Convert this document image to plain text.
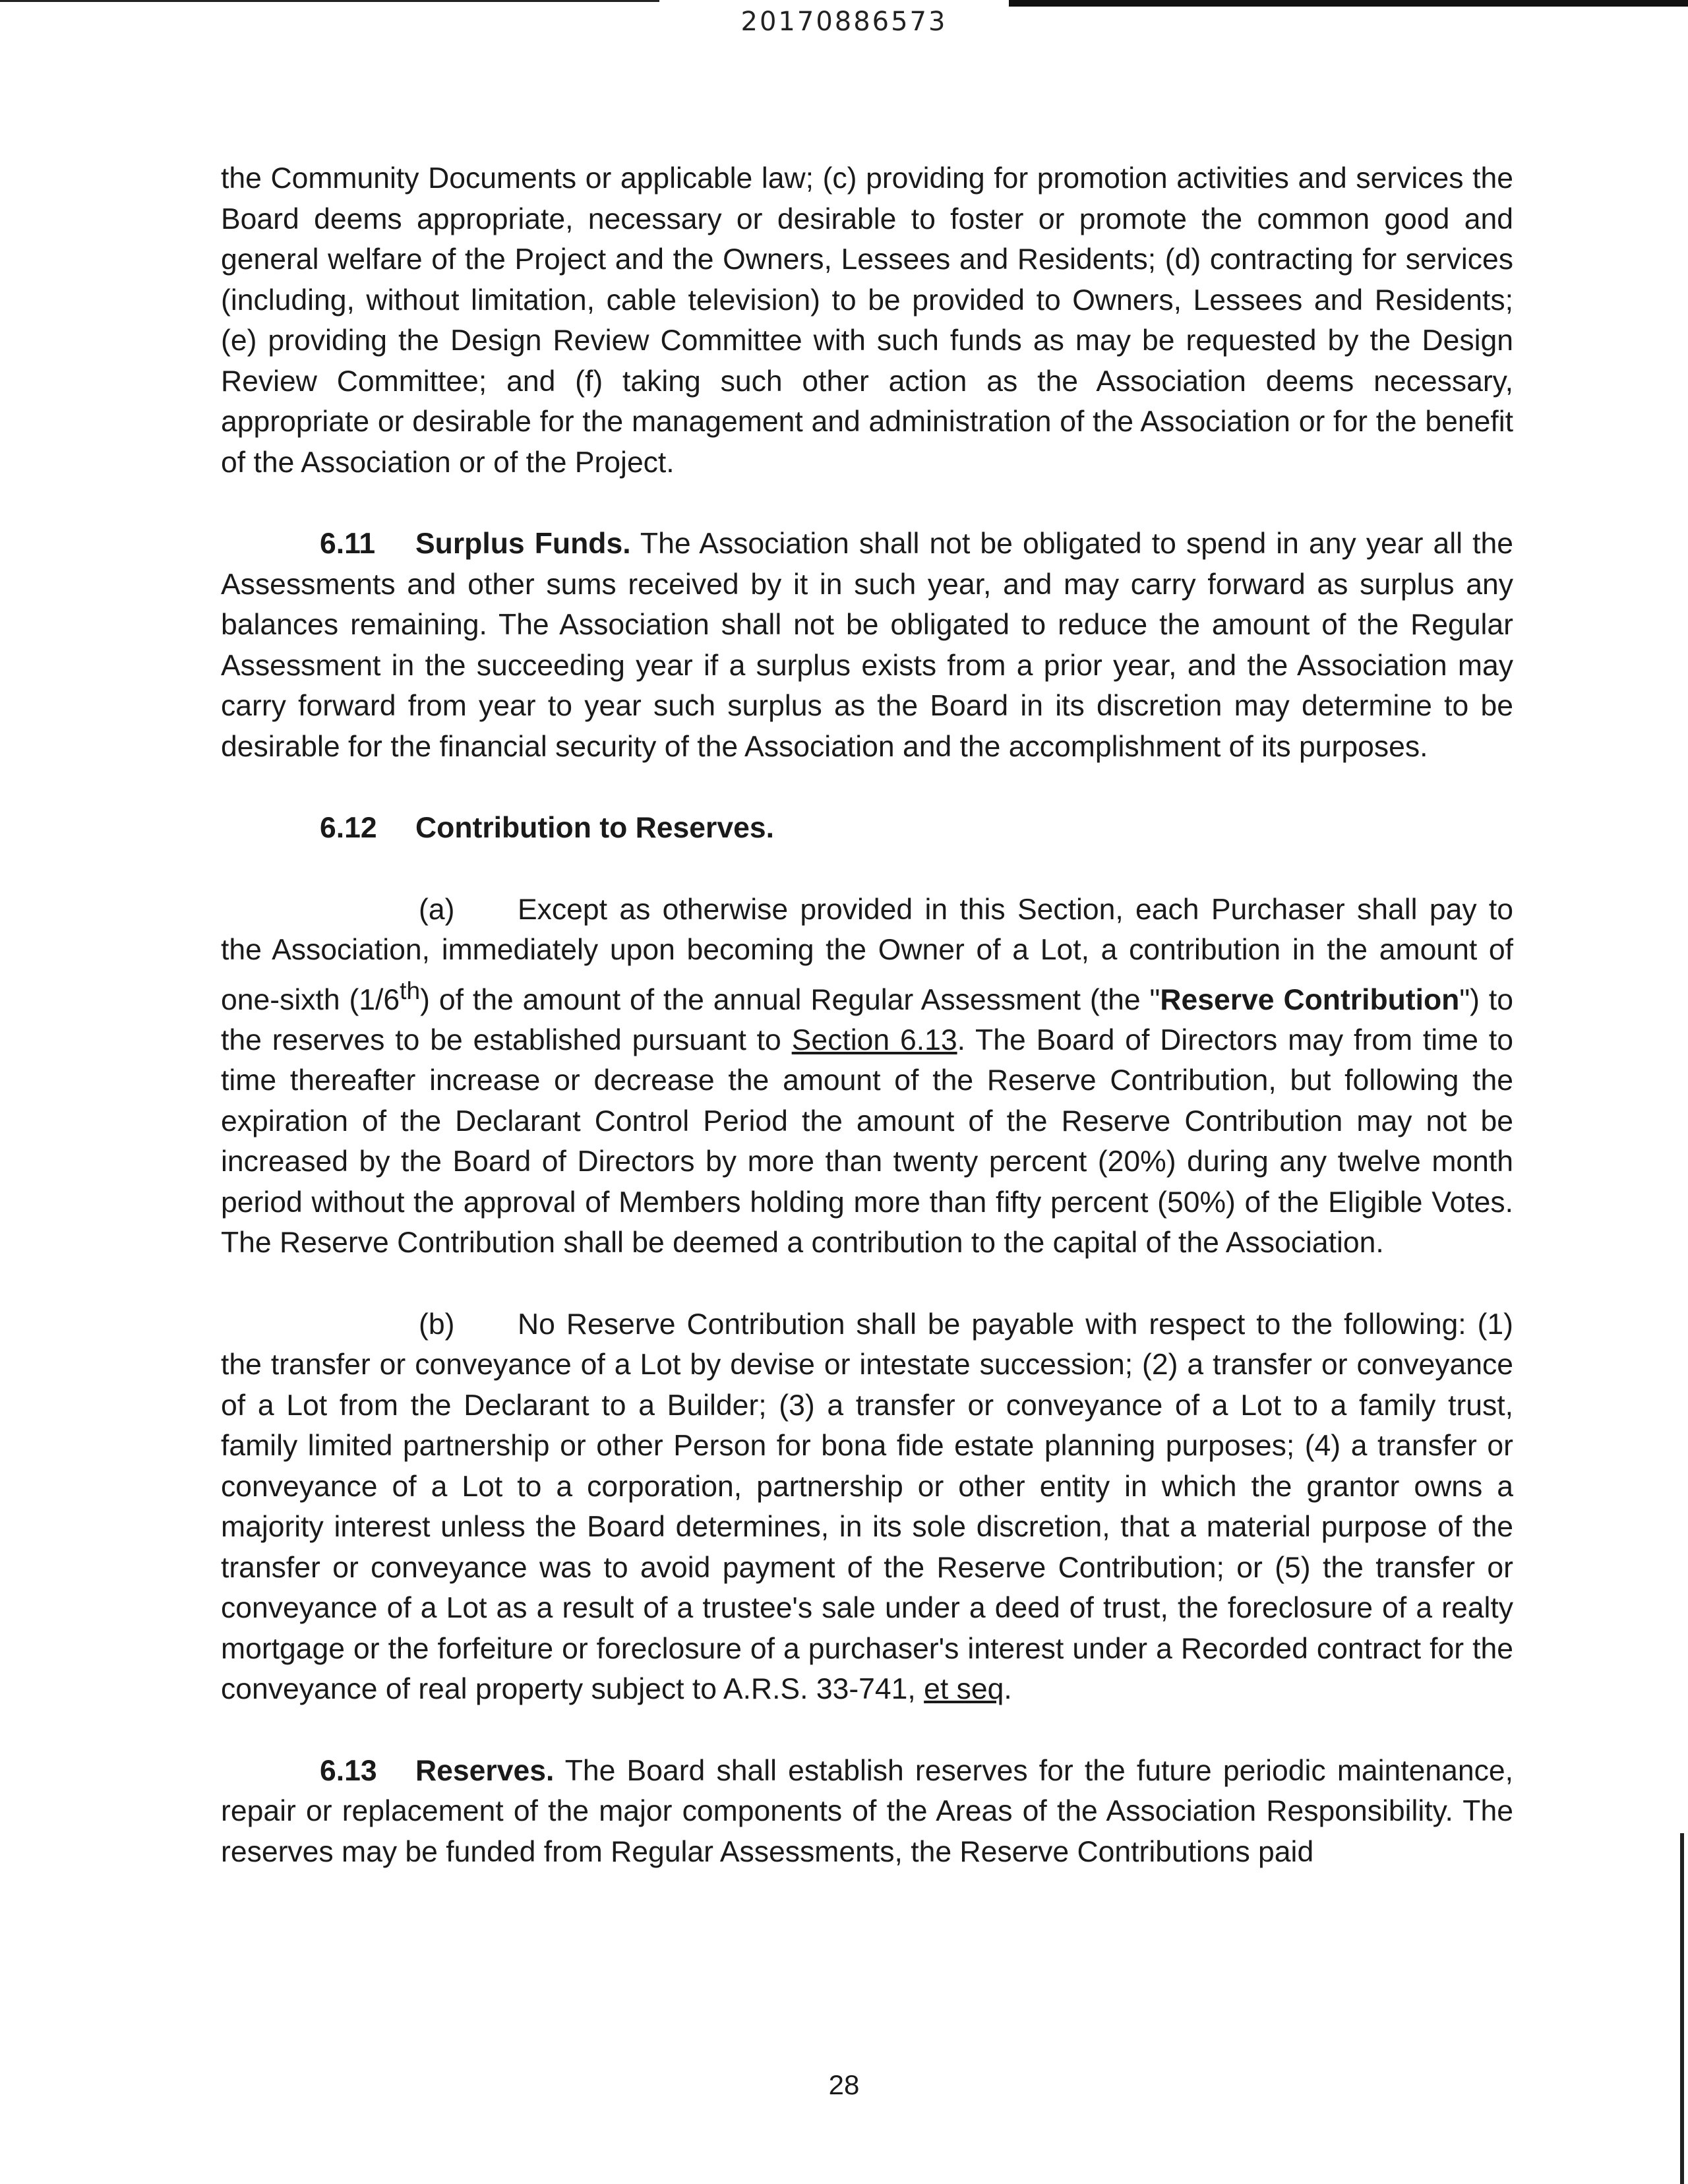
20170886573

the Community Documents or applicable law; (c) providing for promotion activities and services the Board deems appropriate, necessary or desirable to foster or promote the common good and general welfare of the Project and the Owners, Lessees and Residents; (d) contracting for services (including, without limitation, cable television) to be provided to Owners, Lessees and Residents; (e) providing the Design Review Committee with such funds as may be requested by the Design Review Committee; and (f) taking such other action as the Association deems necessary, appropriate or desirable for the management and administration of the Association or for the benefit of the Association or of the Project.

6.11 Surplus Funds. The Association shall not be obligated to spend in any year all the Assessments and other sums received by it in such year, and may carry forward as surplus any balances remaining. The Association shall not be obligated to reduce the amount of the Regular Assessment in the succeeding year if a surplus exists from a prior year, and the Association may carry forward from year to year such surplus as the Board in its discretion may determine to be desirable for the financial security of the Association and the accomplishment of its purposes.

6.12 Contribution to Reserves.

(a) Except as otherwise provided in this Section, each Purchaser shall pay to the Association, immediately upon becoming the Owner of a Lot, a contribution in the amount of one-sixth (1/6th) of the amount of the annual Regular Assessment (the "Reserve Contribution") to the reserves to be established pursuant to Section 6.13. The Board of Directors may from time to time thereafter increase or decrease the amount of the Reserve Contribution, but following the expiration of the Declarant Control Period the amount of the Reserve Contribution may not be increased by the Board of Directors by more than twenty percent (20%) during any twelve month period without the approval of Members holding more than fifty percent (50%) of the Eligible Votes. The Reserve Contribution shall be deemed a contribution to the capital of the Association.

(b) No Reserve Contribution shall be payable with respect to the following: (1) the transfer or conveyance of a Lot by devise or intestate succession; (2) a transfer or conveyance of a Lot from the Declarant to a Builder; (3) a transfer or conveyance of a Lot to a family trust, family limited partnership or other Person for bona fide estate planning purposes; (4) a transfer or conveyance of a Lot to a corporation, partnership or other entity in which the grantor owns a majority interest unless the Board determines, in its sole discretion, that a material purpose of the transfer or conveyance was to avoid payment of the Reserve Contribution; or (5) the transfer or conveyance of a Lot as a result of a trustee's sale under a deed of trust, the foreclosure of a realty mortgage or the forfeiture or foreclosure of a purchaser's interest under a Recorded contract for the conveyance of real property subject to A.R.S. 33-741, et seq.

6.13 Reserves. The Board shall establish reserves for the future periodic maintenance, repair or replacement of the major components of the Areas of the Association Responsibility. The reserves may be funded from Regular Assessments, the Reserve Contributions paid

28
